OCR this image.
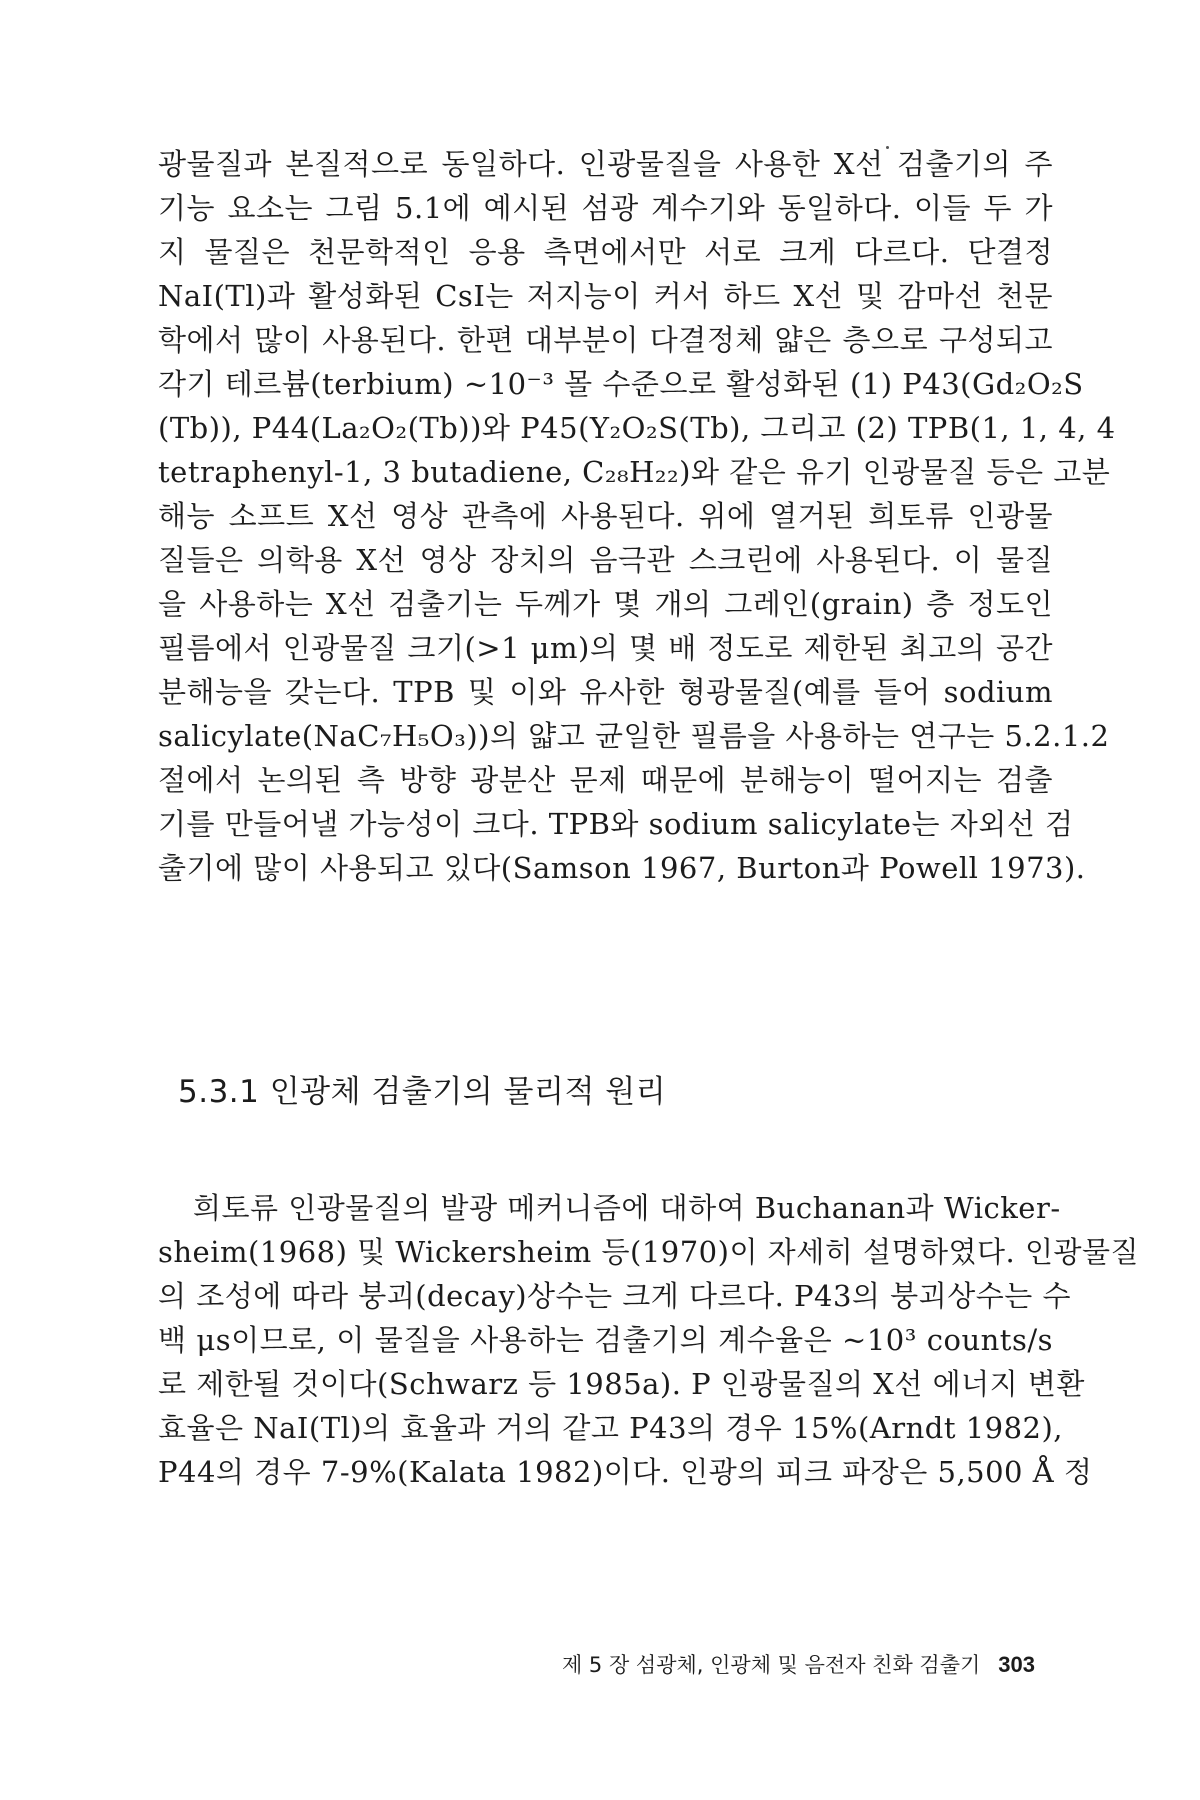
광물질과 본질적으로 동일하다. 인광물질을 사용한 X선 검출기의 주
기능 요소는 그림 5.1에 예시된 섬광 계수기와 동일하다. 이들 두 가
지 물질은 천문학적인 응용 측면에서만 서로 크게 다르다. 단결정
NaI(Tl)과 활성화된 CsI는 저지능이 커서 하드 X선 및 감마선 천문
학에서 많이 사용된다. 한편 대부분이 다결정체 얇은 층으로 구성되고
각기 테르븀(terbium) ~10⁻³ 몰 수준으로 활성화된 (1) P43(Gd₂O₂S
(Tb)), P44(La₂O₂(Tb))와 P45(Y₂O₂S(Tb), 그리고 (2) TPB(1, 1, 4, 4
tetraphenyl-1, 3 butadiene, C₂₈H₂₂)와 같은 유기 인광물질 등은 고분
해능 소프트 X선 영상 관측에 사용된다. 위에 열거된 희토류 인광물
질들은 의학용 X선 영상 장치의 음극관 스크린에 사용된다. 이 물질
을 사용하는 X선 검출기는 두께가 몇 개의 그레인(grain) 층 정도인
필름에서 인광물질 크기(>1 μm)의 몇 배 정도로 제한된 최고의 공간
분해능을 갖는다. TPB 및 이와 유사한 형광물질(예를 들어 sodium
salicylate(NaC₇H₅O₃))의 얇고 균일한 필름을 사용하는 연구는 5.2.1.2
절에서 논의된 측 방향 광분산 문제 때문에 분해능이 떨어지는 검출
기를 만들어낼 가능성이 크다. TPB와 sodium salicylate는 자외선 검
출기에 많이 사용되고 있다(Samson 1967, Burton과 Powell 1973).
5.3.1 인광체 검출기의 물리적 원리
희토류 인광물질의 발광 메커니즘에 대하여 Buchanan과 Wicker-
sheim(1968) 및 Wickersheim 등(1970)이 자세히 설명하였다. 인광물질
의 조성에 따라 붕괴(decay)상수는 크게 다르다. P43의 붕괴상수는 수
백 μs이므로, 이 물질을 사용하는 검출기의 계수율은 ~10³ counts/s
로 제한될 것이다(Schwarz 등 1985a). P 인광물질의 X선 에너지 변환
효율은 NaI(Tl)의 효율과 거의 같고 P43의 경우 15%(Arndt 1982),
P44의 경우 7-9%(Kalata 1982)이다. 인광의 피크 파장은 5,500 Å 정
제 5 장 섬광체, 인광체 및 음전자 친화 검출기 303
